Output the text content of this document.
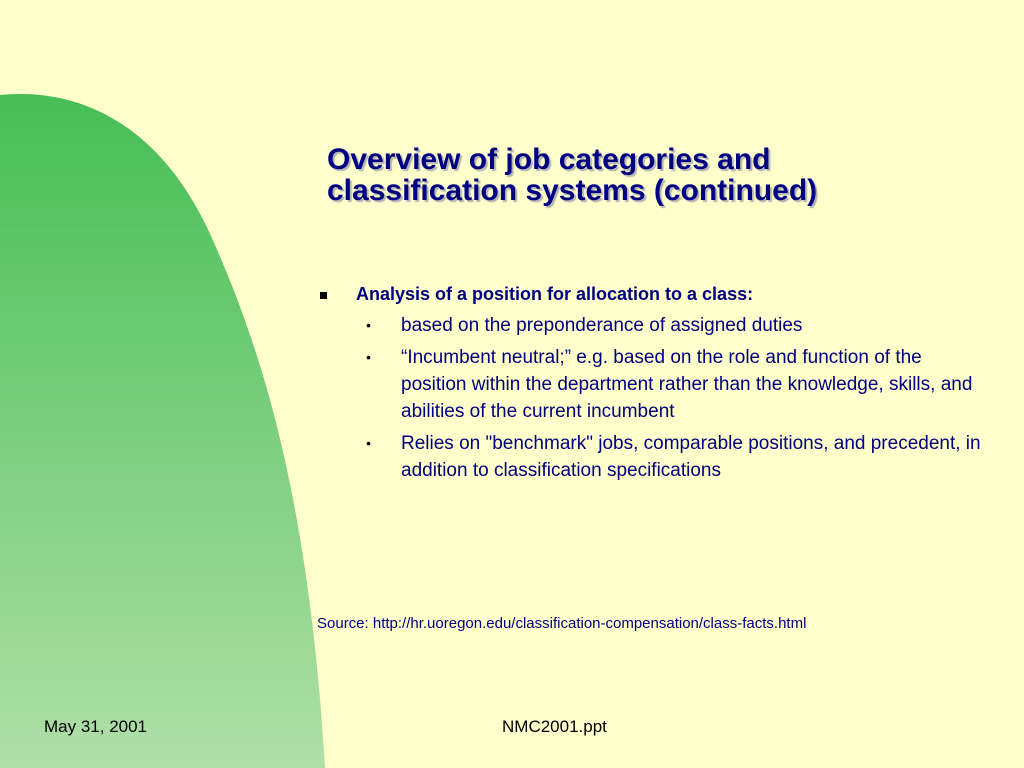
Overview of job categories and
classification systems (continued)
Analysis of a position for allocation to a class:
• based on the preponderance of assigned duties
• “Incumbent neutral;” e.g. based on the role and function of the position within the department rather than the knowledge, skills, and abilities of the current incumbent
• Relies on "benchmark" jobs, comparable positions, and precedent, in addition to classification specifications
Source: http://hr.uoregon.edu/classification-compensation/class-facts.html
May 31, 2001	NMC2001.ppt
